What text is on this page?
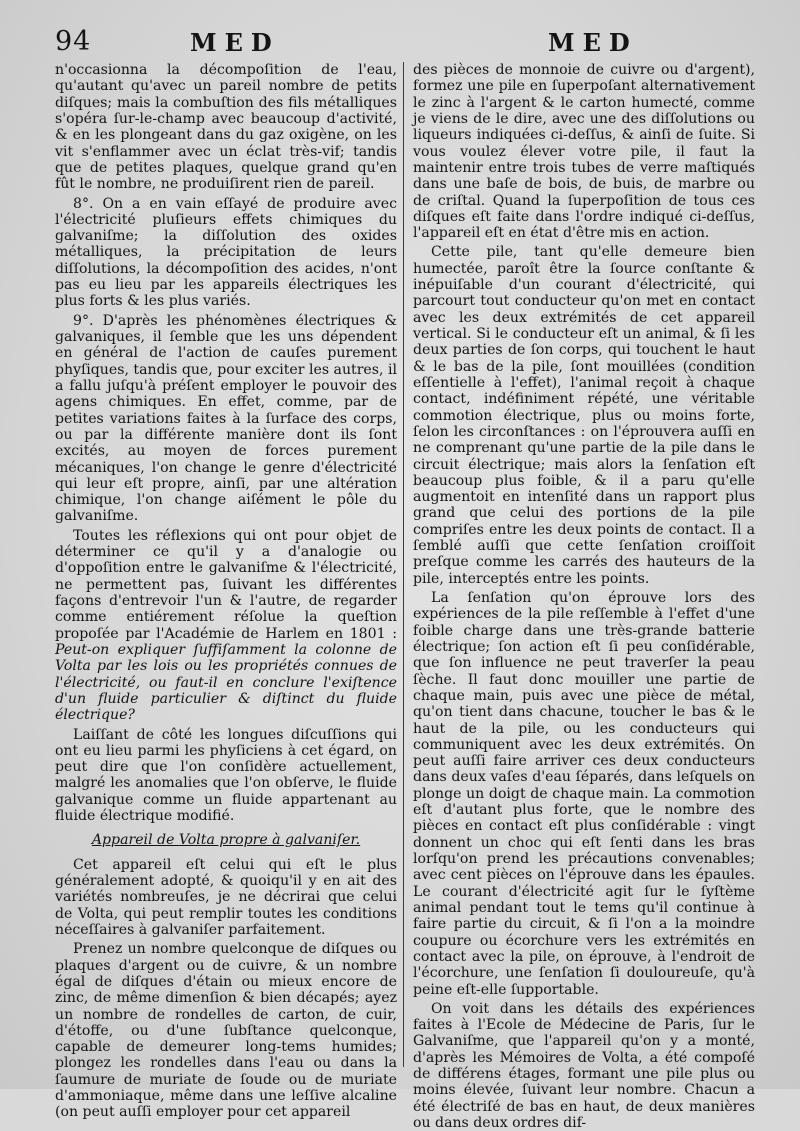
94	MED	MED

n'occasionna la décompoſition de l'eau, qu'autant qu'avec un pareil nombre de petits diſques; mais la combuſtion des fils métalliques s'opéra ſur-le-champ avec beaucoup d'activité, & en les plongeant dans du gaz oxigène, on les vit s'enflammer avec un éclat très-vif; tandis que de petites plaques, quelque grand qu'en fût le nombre, ne produiſirent rien de pareil.

8°. On a en vain eſſayé de produire avec l'électricité pluſieurs effets chimiques du galvaniſme; la diſſolution des oxides métalliques, la précipitation de leurs diſſolutions, la décompoſition des acides, n'ont pas eu lieu par les appareils électriques les plus forts & les plus variés.

9°. D'après les phénomènes électriques & galvaniques, il ſemble que les uns dépendent en général de l'action de cauſes purement phyſiques, tandis que, pour exciter les autres, il a fallu juſqu'à préſent employer le pouvoir des agens chimiques. En effet, comme, par de petites variations faites à la ſurface des corps, ou par la différente manière dont ils ſont excités, au moyen de forces purement mécaniques, l'on change le genre d'électricité qui leur eſt propre, ainſi, par une altération chimique, l'on change aiſément le pôle du galvaniſme.

Toutes les réflexions qui ont pour objet de déterminer ce qu'il y a d'analogie ou d'oppoſition entre le galvaniſme & l'électricité, ne permettent pas, ſuivant les différentes façons d'entrevoir l'un & l'autre, de regarder comme entiérement réſolue la queſtion propoſée par l'Académie de Harlem en 1801 : Peut-on expliquer ſuffiſamment la colonne de Volta par les lois ou les propriétés connues de l'électricité, ou faut-il en conclure l'exiſtence d'un fluide particulier & diſtinct du fluide électrique?

Laiſſant de côté les longues diſcuſſions qui ont eu lieu parmi les phyſiciens à cet égard, on peut dire que l'on conſidère actuellement, malgré les anomalies que l'on obſerve, le fluide galvanique comme un fluide appartenant au fluide électrique modifié.

Appareil de Volta propre à galvaniſer.

Cet appareil eſt celui qui eſt le plus généralement adopté, & quoiqu'il y en ait des variétés nombreuſes, je ne décrirai que celui de Volta, qui peut remplir toutes les conditions néceſſaires à galvaniſer parfaitement.

Prenez un nombre quelconque de diſques ou plaques d'argent ou de cuivre, & un nombre égal de diſques d'étain ou mieux encore de zinc, de même dimenſion & bien décapés; ayez un nombre de rondelles de carton, de cuir, d'étoffe, ou d'une ſubſtance quelconque, capable de demeurer long-tems humides; plongez les rondelles dans l'eau ou dans la ſaumure de muriate de ſoude ou de muriate d'ammoniaque, même dans une leſſive alcaline (on peut auſſi employer pour cet appareil

des pièces de monnoie de cuivre ou d'argent), formez une pile en ſuperpoſant alternativement le zinc à l'argent & le carton humecté, comme je viens de le dire, avec une des diſſolutions ou liqueurs indiquées ci-deſſus, & ainſi de ſuite. Si vous voulez élever votre pile, il faut la maintenir entre trois tubes de verre maſtiqués dans une baſe de bois, de buis, de marbre ou de criſtal. Quand la ſuperpoſition de tous ces diſques eſt faite dans l'ordre indiqué ci-deſſus, l'appareil eſt en état d'être mis en action.

Cette pile, tant qu'elle demeure bien humectée, paroît être la ſource conſtante & inépuiſable d'un courant d'électricité, qui parcourt tout conducteur qu'on met en contact avec les deux extrémités de cet appareil vertical. Si le conducteur eſt un animal, & ſi les deux parties de ſon corps, qui touchent le haut & le bas de la pile, ſont mouillées (condition eſſentielle à l'effet), l'animal reçoit à chaque contact, indéfiniment répété, une véritable commotion électrique, plus ou moins forte, ſelon les circonſtances : on l'éprouvera auſſi en ne comprenant qu'une partie de la pile dans le circuit électrique; mais alors la ſenſation eſt beaucoup plus foible, & il a paru qu'elle augmentoit en intenſité dans un rapport plus grand que celui des portions de la pile compriſes entre les deux points de contact. Il a ſemblé auſſi que cette ſenſation croiſſoit preſque comme les carrés des hauteurs de la pile, interceptés entre les points.

La ſenſation qu'on éprouve lors des expériences de la pile reſſemble à l'effet d'une foible charge dans une très-grande batterie électrique; ſon action eſt ſi peu conſidérable, que ſon influence ne peut traverſer la peau ſèche. Il faut donc mouiller une partie de chaque main, puis avec une pièce de métal, qu'on tient dans chacune, toucher le bas & le haut de la pile, ou les conducteurs qui communiquent avec les deux extrémités. On peut auſſi faire arriver ces deux conducteurs dans deux vaſes d'eau ſéparés, dans leſquels on plonge un doigt de chaque main. La commotion eſt d'autant plus forte, que le nombre des pièces en contact eſt plus conſidérable : vingt donnent un choc qui eſt ſenti dans les bras lorſqu'on prend les précautions convenables; avec cent pièces on l'éprouve dans les épaules. Le courant d'électricité agit ſur le ſyſtème animal pendant tout le tems qu'il continue à faire partie du circuit, & ſi l'on a la moindre coupure ou écorchure vers les extrémités en contact avec la pile, on éprouve, à l'endroit de l'écorchure, une ſenſation ſi douloureuſe, qu'à peine eſt-elle ſupportable.

On voit dans les détails des expériences faites à l'Ecole de Médecine de Paris, ſur le Galvaniſme, que l'appareil qu'on y a monté, d'après les Mémoires de Volta, a été compoſé de différens étages, formant une pile plus ou moins élevée, ſuivant leur nombre. Chacun a été électriſé de bas en haut, de deux manières ou dans deux ordres dif-
